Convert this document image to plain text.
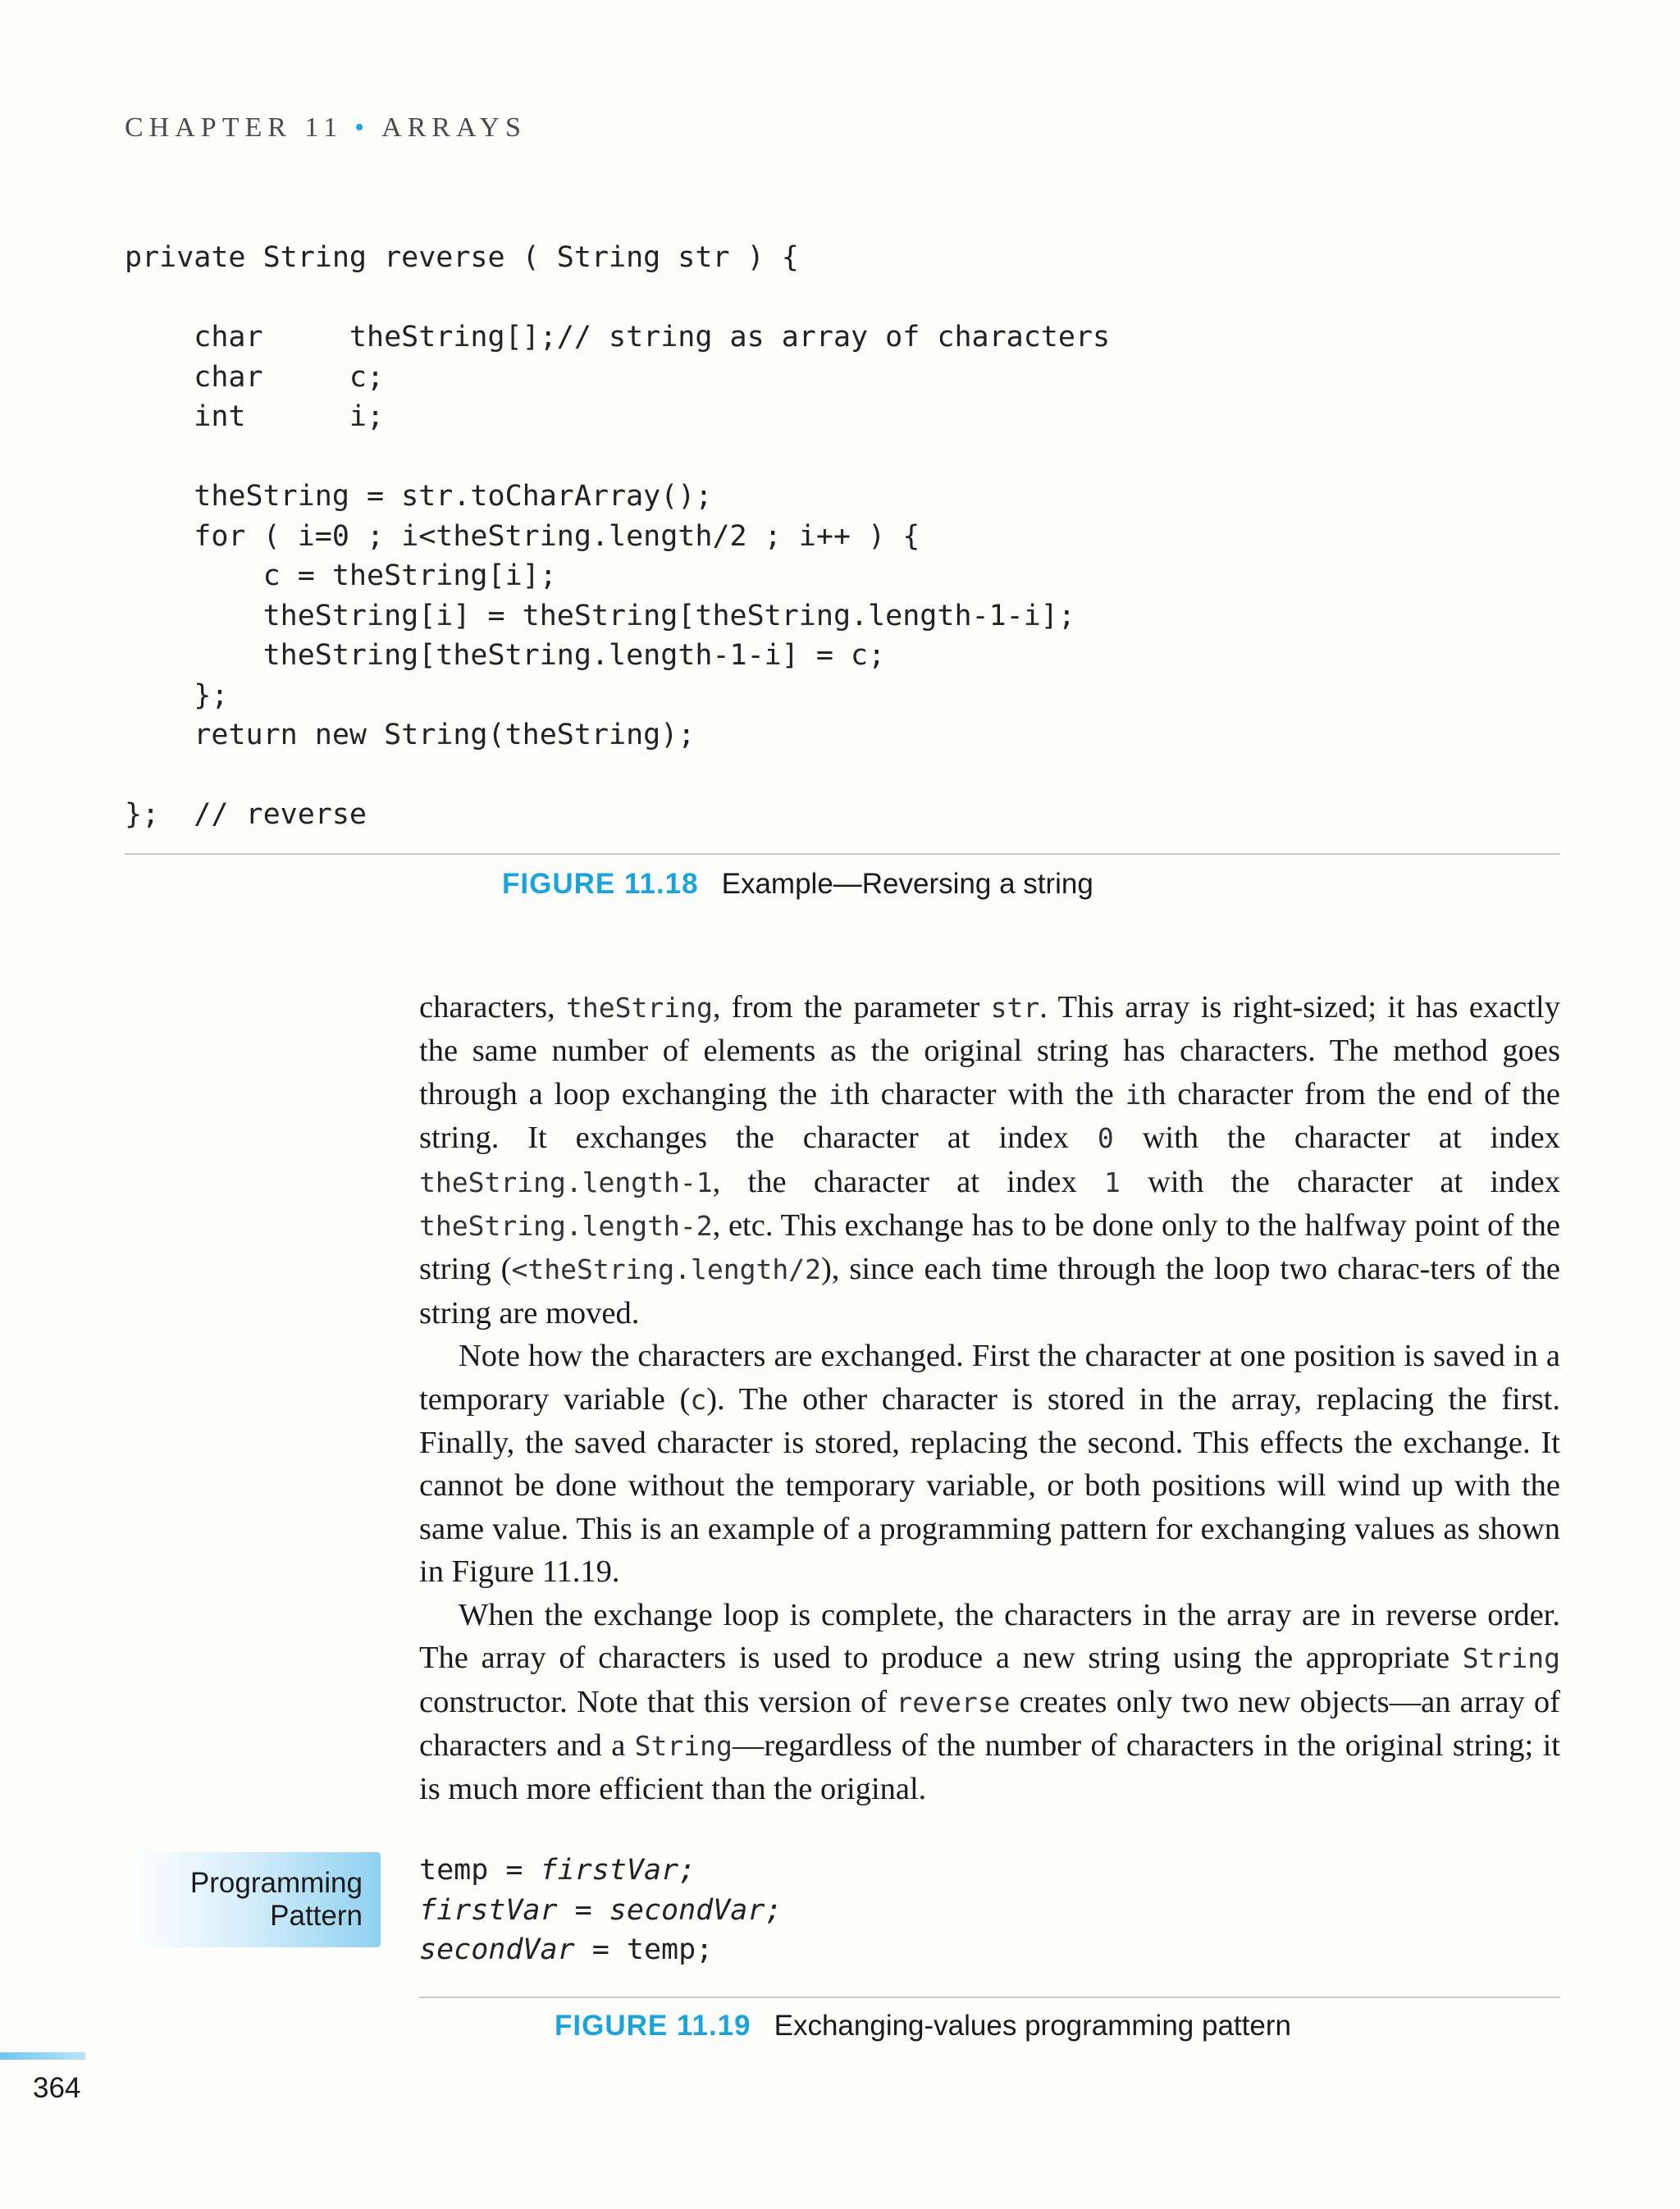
CHAPTER 11 • ARRAYS
private String reverse ( String str ) {

char     theString[];// string as array of characters
char     c;
int      i;

theString = str.toCharArray();
for ( i=0 ; i<theString.length/2 ; i++ ) {
c = theString[i];
theString[i] = theString[theString.length-1-i];
theString[theString.length-1-i] = c;
};
return new String(theString);

};  // reverse
FIGURE 11.18 Example—Reversing a string

characters, theString, from the parameter str. This array is right-sized; it has exactly the same number of elements as the original string has characters. The method goes through a loop exchanging the ith character with the ith character from the end of the string. It exchanges the character at index 0 with the character at index theString.length-1, the character at index 1 with the character at index theString.length-2, etc. This exchange has to be done only to the halfway point of the string (<theString.length/2), since each time through the loop two charac-ters of the string are moved.

Note how the characters are exchanged. First the character at one position is saved in a temporary variable (c). The other character is stored in the array, replacing the first. Finally, the saved character is stored, replacing the second. This effects the exchange. It cannot be done without the temporary variable, or both positions will wind up with the same value. This is an example of a programming pattern for exchanging values as shown in Figure 11.19.

When the exchange loop is complete, the characters in the array are in reverse order. The array of characters is used to produce a new string using the appropriate String constructor. Note that this version of reverse creates only two new objects—an array of characters and a String—regardless of the number of characters in the original string; it is much more efficient than the original.

Programming
Pattern
temp = firstVar;
firstVar = secondVar;
secondVar = temp;
FIGURE 11.19 Exchanging-values programming pattern
364
